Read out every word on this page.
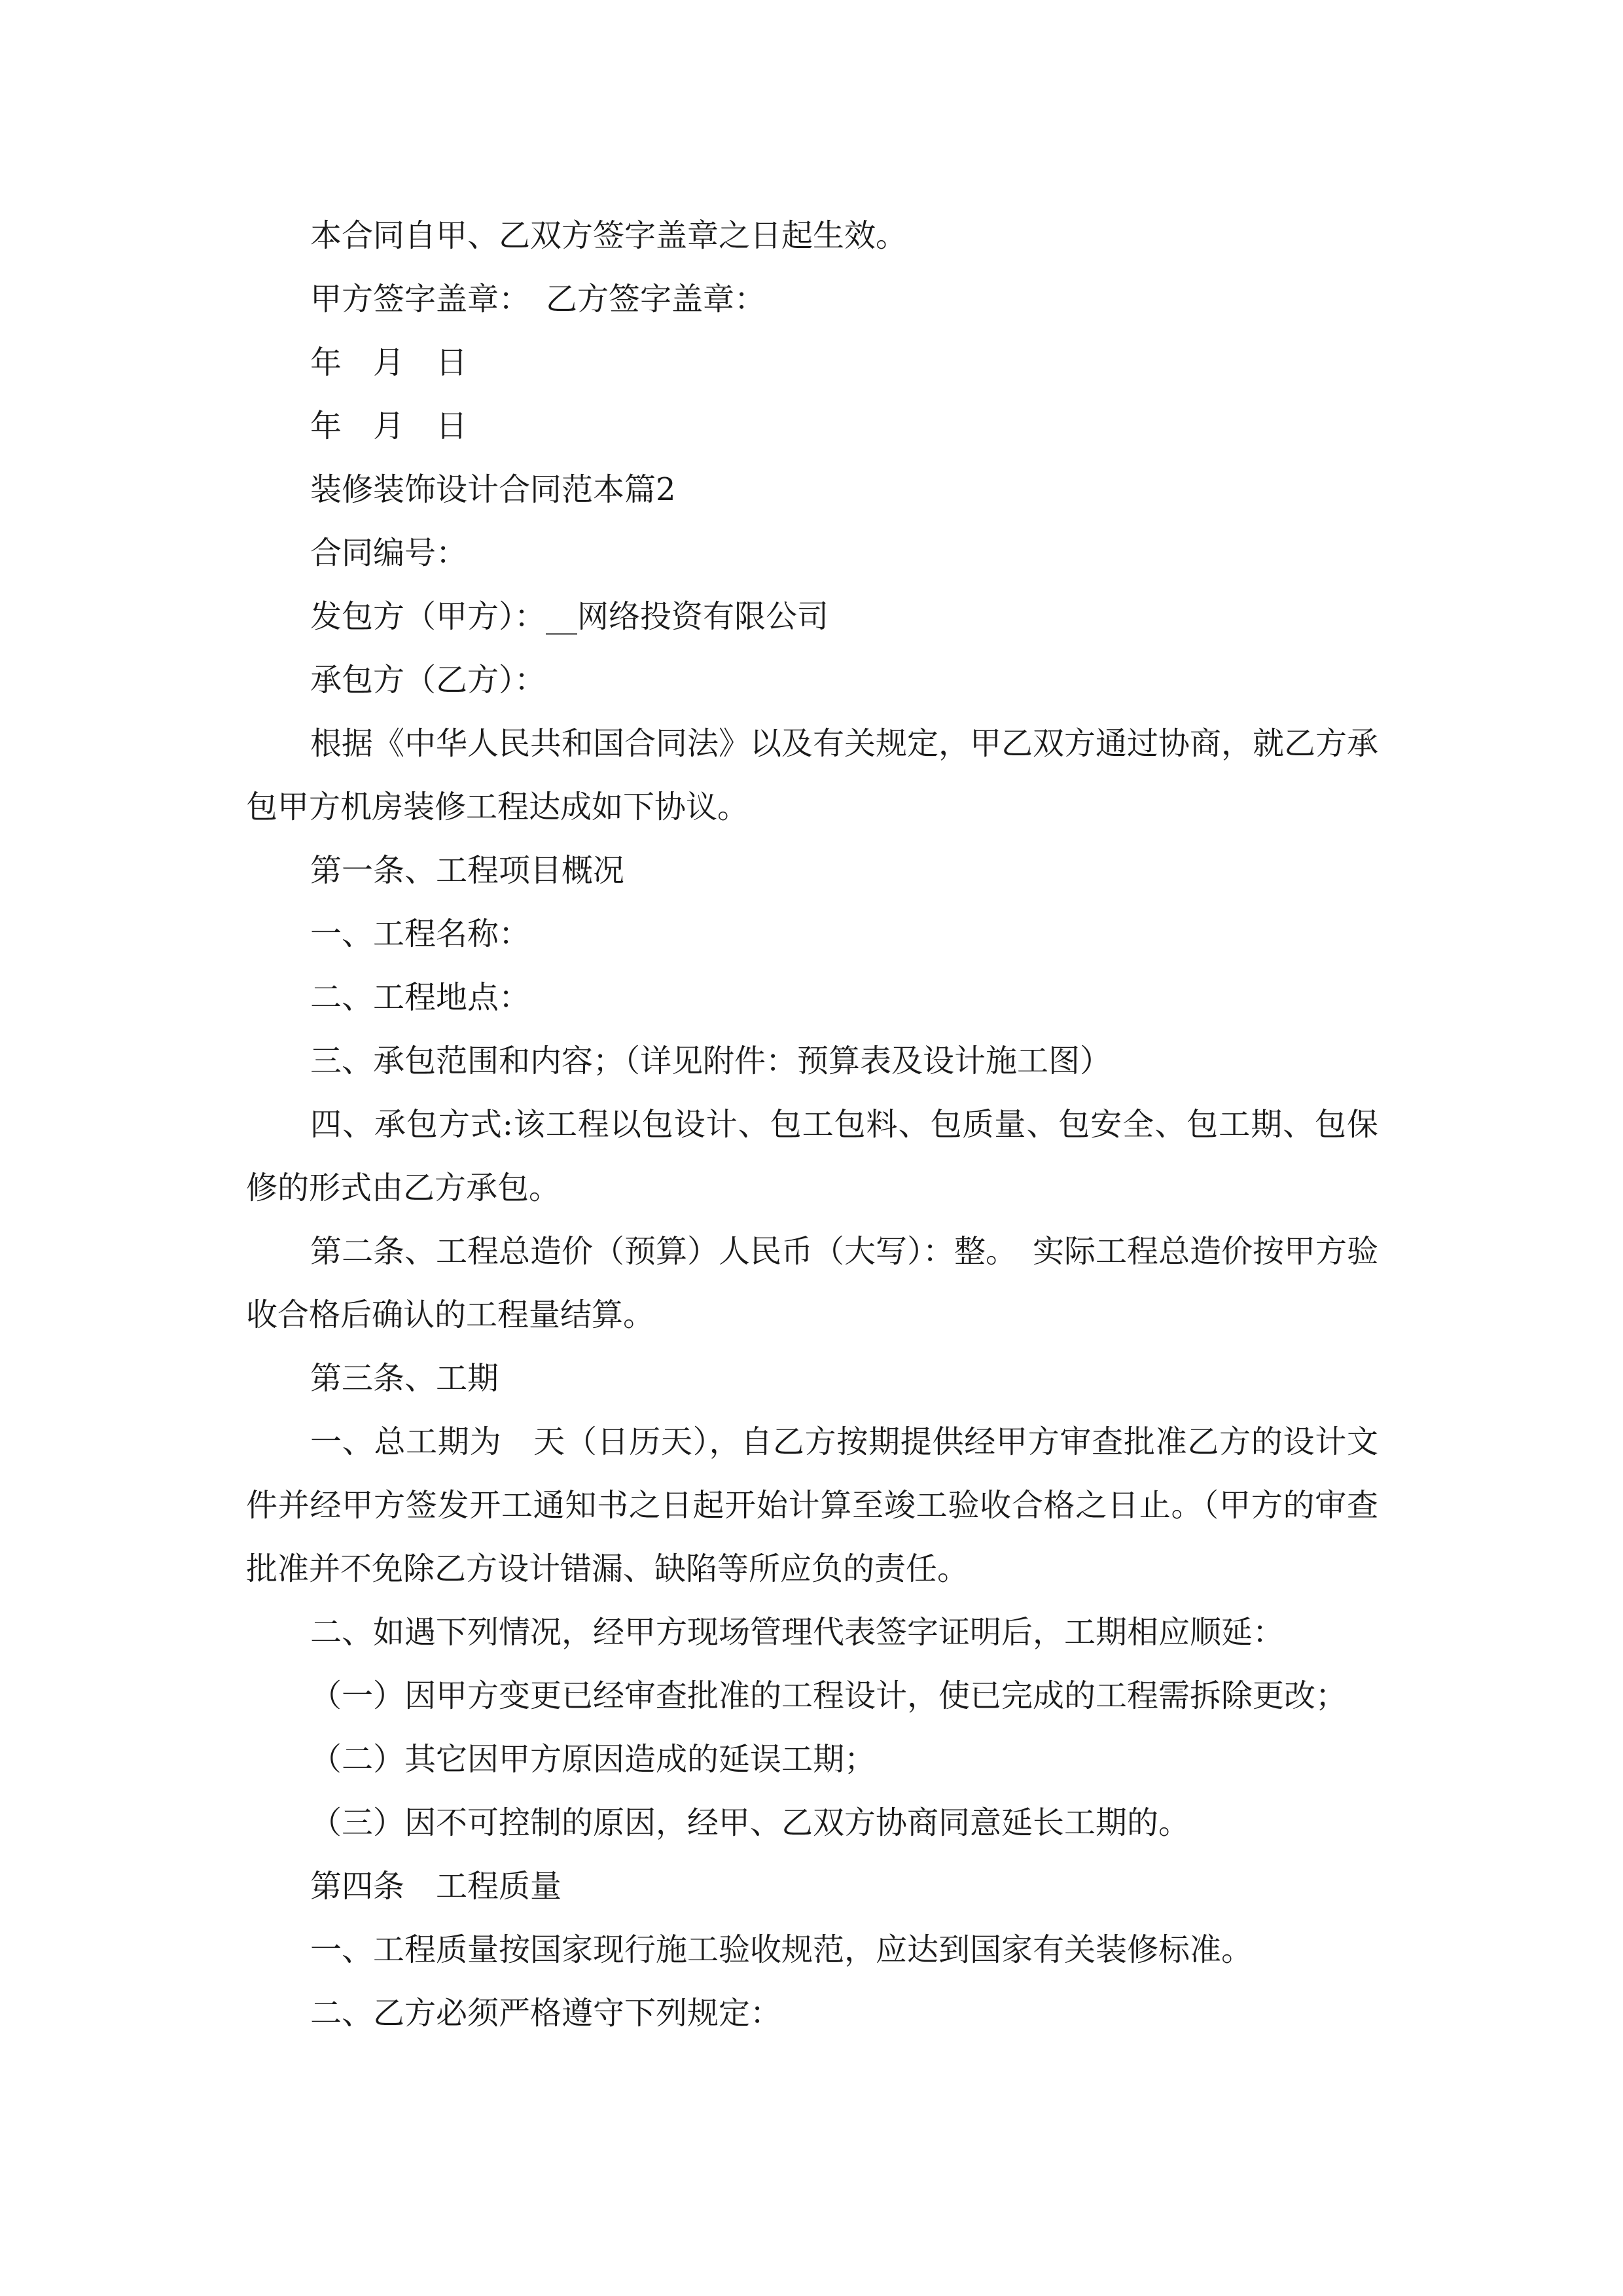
本合同自甲、乙双方签字盖章之日起生效。

甲方签字盖章：　乙方签字盖章：

年　月　日

年　月　日

装修装饰设计合同范本篇2

合同编号：

发包方（甲方）：__网络投资有限公司

承包方（乙方）：

根据《中华人民共和国合同法》以及有关规定，甲乙双方通过协商，就乙方承包甲方机房装修工程达成如下协议。

第一条、工程项目概况

一、工程名称：

二、工程地点：

三、承包范围和内容；（详见附件：预算表及设计施工图）

四、承包方式:该工程以包设计、包工包料、包质量、包安全、包工期、包保修的形式由乙方承包。

第二条、工程总造价（预算）人民币（大写）：整。　实际工程总造价按甲方验收合格后确认的工程量结算。

第三条、工期

一、总工期为　天（日历天），自乙方按期提供经甲方审查批准乙方的设计文件并经甲方签发开工通知书之日起开始计算至竣工验收合格之日止。（甲方的审查批准并不免除乙方设计错漏、缺陷等所应负的责任。

二、如遇下列情况，经甲方现场管理代表签字证明后，工期相应顺延：

（一）因甲方变更已经审查批准的工程设计，使已完成的工程需拆除更改；

（二）其它因甲方原因造成的延误工期；

（三）因不可控制的原因，经甲、乙双方协商同意延长工期的。

第四条　工程质量

一、工程质量按国家现行施工验收规范，应达到国家有关装修标准。

二、乙方必须严格遵守下列规定：
